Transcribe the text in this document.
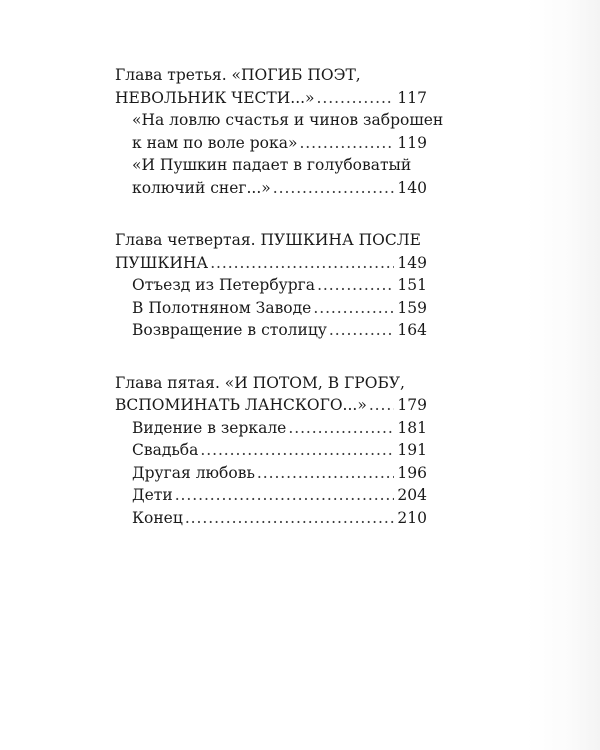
Глава третья. «ПОГИБ ПОЭТ,
НЕВОЛЬНИК ЧЕСТИ...» . . .	117
«На ловлю счастья и чинов заброшен
к нам по воле рока» . . .	119
«И Пушкин падает в голубоватый
колючий снег...» . . .	140
Глава четвертая. ПУШКИНА ПОСЛЕ
ПУШКИНА . . .	149
Отъезд из Петербурга . . .	151
В Полотняном Заводе . . .	159
Возвращение в столицу . . .	164
Глава пятая. «И ПОТОМ, В ГРОБУ,
ВСПОМИНАТЬ ЛАНСКОГО...» . . . 179
Видение в зеркале . . .	181
Свадьба . . .	191
Другая любовь . . .	196
Дети . . .	204
Конец . . .	210
